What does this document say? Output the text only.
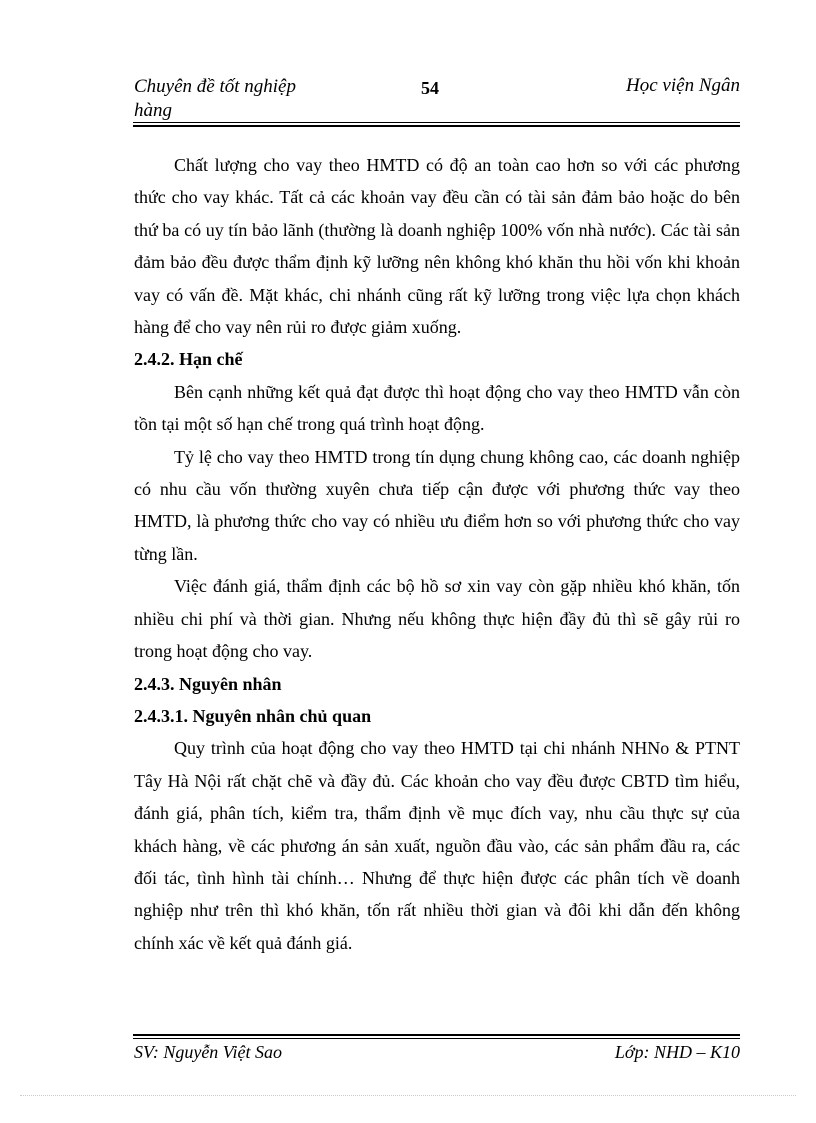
Chuyên đề tốt nghiệp hàng
54	Học viện Ngân

Chất lượng cho vay theo HMTD có độ an toàn cao hơn so với các phương thức cho vay khác. Tất cả các khoản vay đều cần có tài sản đảm bảo hoặc do bên thứ ba có uy tín bảo lãnh (thường là doanh nghiệp 100% vốn nhà nước). Các tài sản đảm bảo đều được thẩm định kỹ lưỡng nên không khó khăn thu hồi vốn khi khoản vay có vấn đề. Mặt khác, chi nhánh cũng rất kỹ lưỡng trong việc lựa chọn khách hàng để cho vay nên rủi ro được giảm xuống.

2.4.2. Hạn chế

Bên cạnh những kết quả đạt được thì hoạt động cho vay theo HMTD vẫn còn tồn tại một số hạn chế trong quá trình hoạt động.

Tỷ lệ cho vay theo HMTD trong tín dụng chung không cao, các doanh nghiệp có nhu cầu vốn thường xuyên chưa tiếp cận được với phương thức vay theo HMTD, là phương thức cho vay có nhiều ưu điểm hơn so với phương thức cho vay từng lần.

Việc đánh giá, thẩm định các bộ hồ sơ xin vay còn gặp nhiều khó khăn, tốn nhiều chi phí và thời gian. Nhưng nếu không thực hiện đầy đủ thì sẽ gây rủi ro trong hoạt động cho vay.

2.4.3. Nguyên nhân
2.4.3.1. Nguyên nhân chủ quan

Quy trình của hoạt động cho vay theo HMTD tại chi nhánh NHNo & PTNT Tây Hà Nội rất chặt chẽ và đầy đủ. Các khoản cho vay đều được CBTD tìm hiểu, đánh giá, phân tích, kiểm tra, thẩm định về mục đích vay, nhu cầu thực sự của khách hàng, về các phương án sản xuất, nguồn đầu vào, các sản phẩm đầu ra, các đối tác, tình hình tài chính… Nhưng để thực hiện được các phân tích về doanh nghiệp như trên thì khó khăn, tốn rất nhiều thời gian và đôi khi dẫn đến không chính xác về kết quả đánh giá.

SV: Nguyễn Việt Sao	Lớp: NHD – K10
